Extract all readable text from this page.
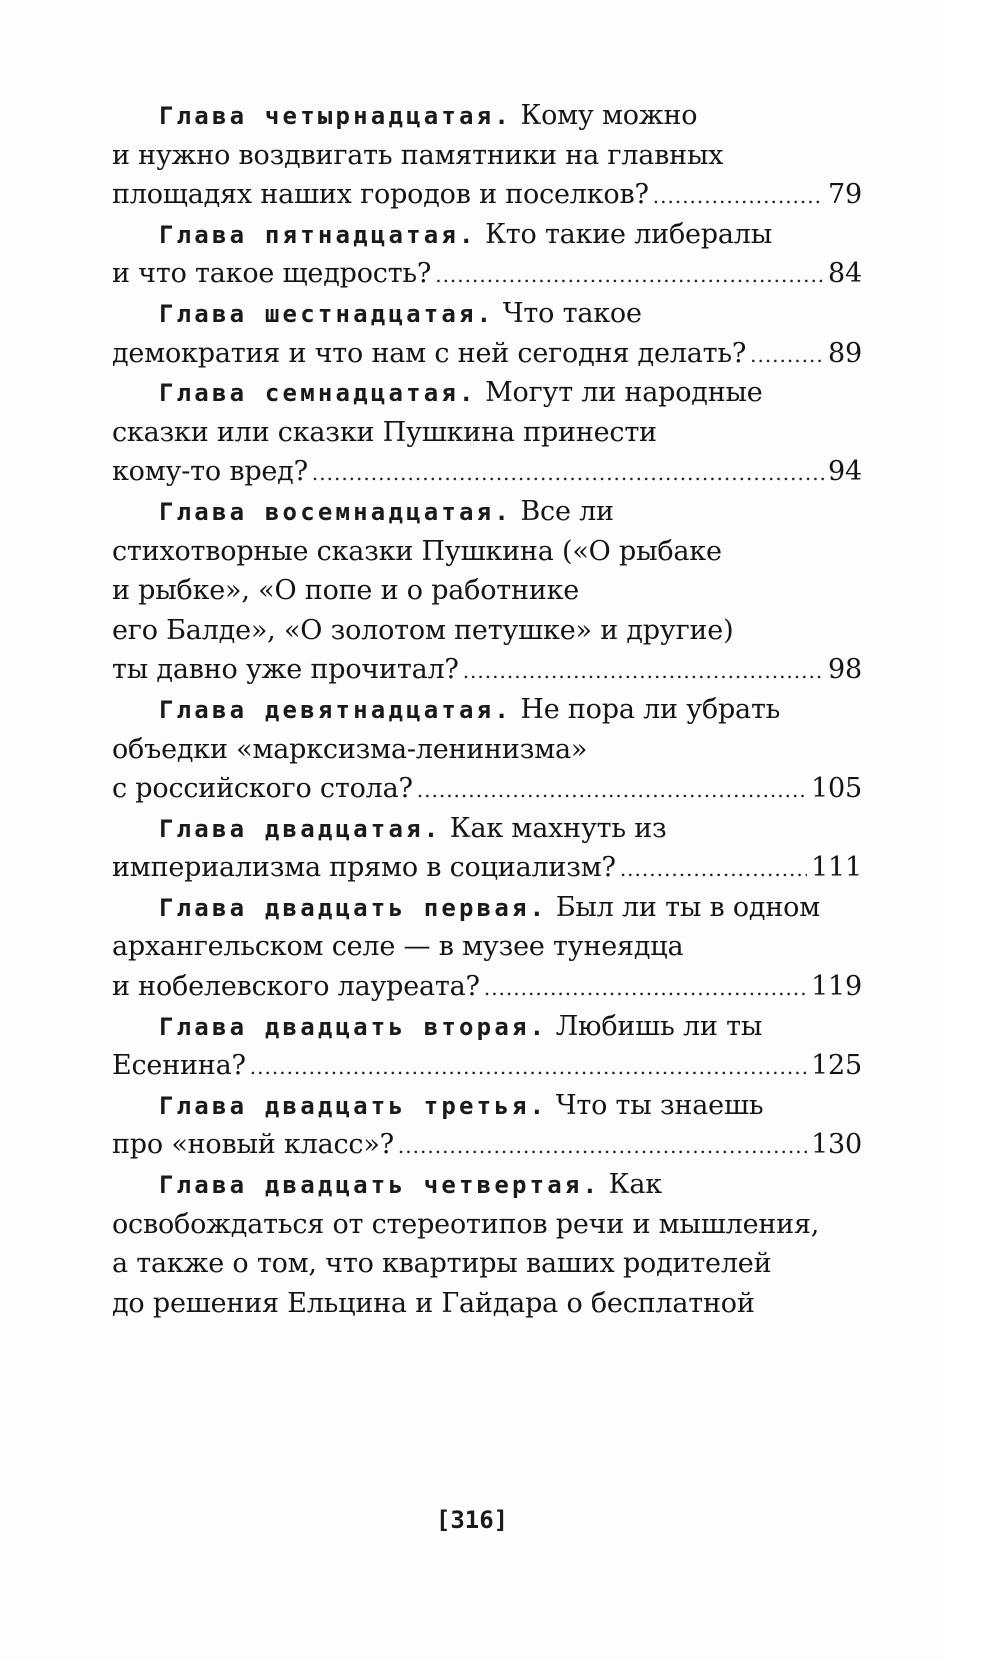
Глава четырнадцатая. Кому можно
и нужно воздвигать памятники на главных
площадях наших городов и поселков? .....	79
Глава пятнадцатая. Кто такие либералы
и что такое щедрость? .....	84
Глава шестнадцатая. Что такое
демократия и что нам с ней сегодня делать? .....	89
Глава семнадцатая. Могут ли народные
сказки или сказки Пушкина принести
кому-то вред? .....	94
Глава восемнадцатая. Все ли
стихотворные сказки Пушкина («О рыбаке
и рыбке», «О попе и о работнике
его Балде», «О золотом петушке» и другие)
ты давно уже прочитал? .....	98
Глава девятнадцатая. Не пора ли убрать
объедки «марксизма-ленинизма»
с российского стола? .....	105
Глава двадцатая. Как махнуть из
империализма прямо в социализм? .....	111
Глава двадцать первая. Был ли ты в одном
архангельском селе — в музее тунеядца
и нобелевского лауреата? .....	119
Глава двадцать вторая. Любишь ли ты
Есенина? .....	125
Глава двадцать третья. Что ты знаешь
про «новый класс»? .....	130
Глава двадцать четвертая. Как
освобождаться от стереотипов речи и мышления,
а также о том, что квартиры ваших родителей
до решения Ельцина и Гайдара о бесплатной
[316]
